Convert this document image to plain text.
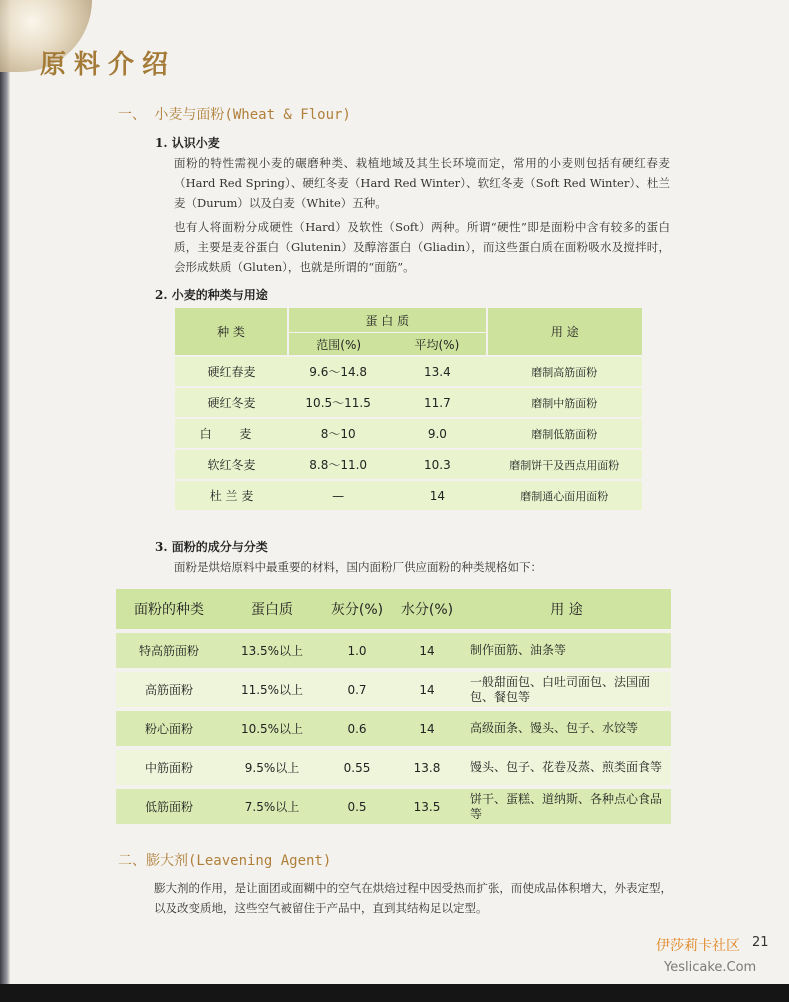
原料介绍
一、 小麦与面粉(Wheat & Flour)
1. 认识小麦

面粉的特性需视小麦的碾磨种类、栽植地域及其生长环境而定，常用的小麦则包括有硬红春麦（Hard Red Spring）、硬红冬麦（Hard Red Winter）、软红冬麦（Soft Red Winter）、杜兰麦（Durum）以及白麦（White）五种。

也有人将面粉分成硬性（Hard）及软性（Soft）两种。所谓“硬性”即是面粉中含有较多的蛋白质，主要是麦谷蛋白（Glutenin）及醇溶蛋白（Gliadin），而这些蛋白质在面粉吸水及搅拌时，会形成麸质（Gluten），也就是所谓的“面筋”。

2. 小麦的种类与用途
种 类	蛋 白 质		用 途
	范围(%)	平均(%)	
硬红春麦	9.6～14.8	13.4	磨制高筋面粉
硬红冬麦	10.5～11.5	11.7	磨制中筋面粉
白 麦	8～10	9.0	磨制低筋面粉
软红冬麦	8.8～11.0	10.3	磨制饼干及西点用面粉
杜 兰 麦	—	14	磨制通心面用面粉
3. 面粉的成分与分类

面粉是烘焙原料中最重要的材料，国内面粉厂供应面粉的种类规格如下：

面粉的种类	蛋白质	灰分(%)	水分(%)	用 途
特高筋面粉	13.5%以上	1.0	14	制作面筋、油条等
高筋面粉	11.5%以上	0.7	14	一般甜面包、白吐司面包、法国面包、餐包等
粉心面粉	10.5%以上	0.6	14	高级面条、馒头、包子、水饺等
中筋面粉	9.5%以上	0.55	13.8	馒头、包子、花卷及蒸、煎类面食等
低筋面粉	7.5%以上	0.5	13.5	饼干、蛋糕、道纳斯、各种点心食品等
二、膨大剂(Leavening Agent)

膨大剂的作用，是让面团或面糊中的空气在烘焙过程中因受热而扩张，而使成品体积增大，外表定型，以及改变质地，这些空气被留住于产品中，直到其结构足以定型。

伊莎莉卡社区 21

Yeslicake.Com
